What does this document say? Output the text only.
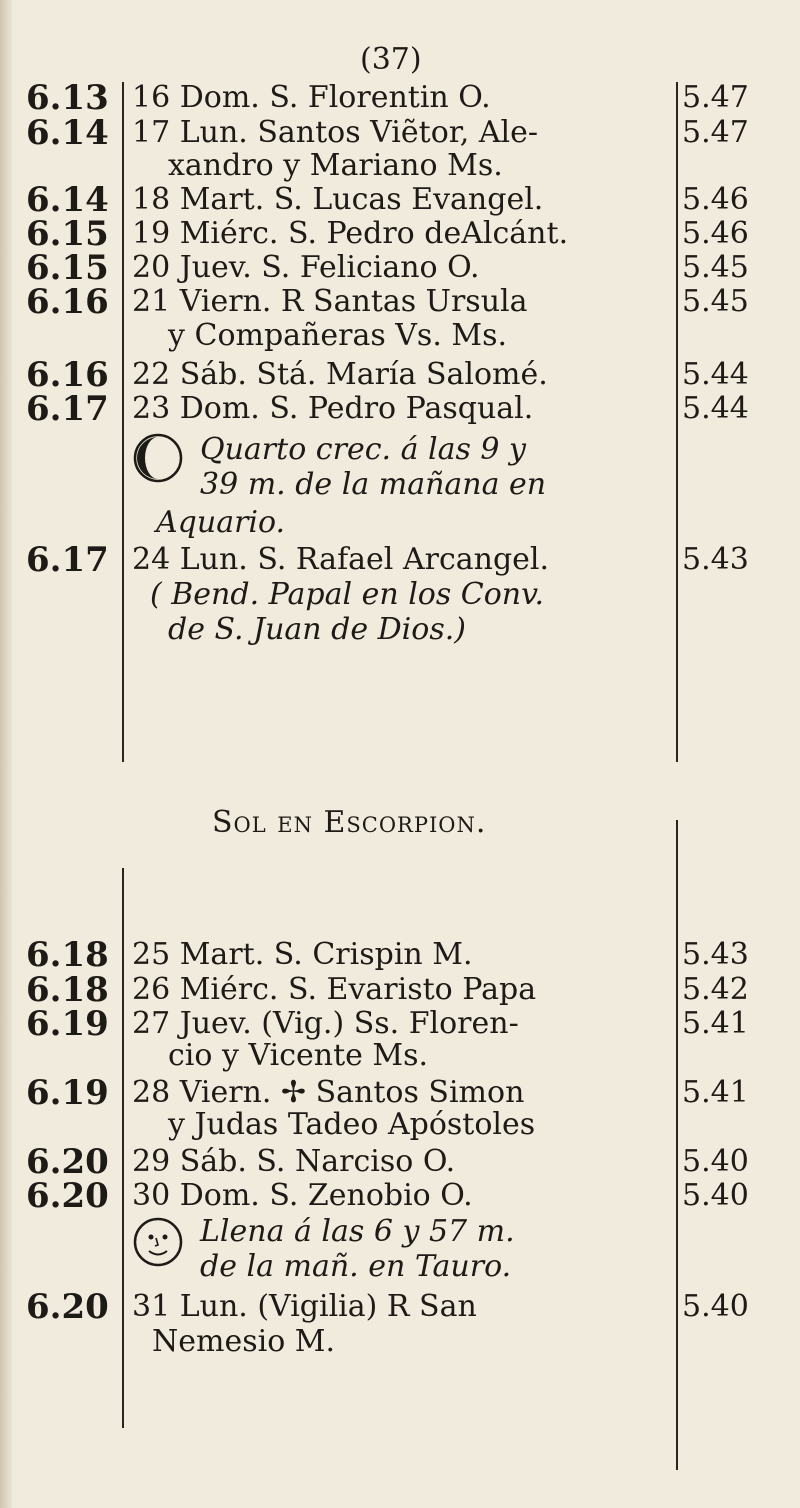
(37)
6.13 16 Dom. S. Florentin O.	5.47
6.14 17 Lun. Santos Viẽtor, Ale-	5.47
xandro y Mariano Ms.
6.14 18 Mart. S. Lucas Evangel.	5.46
6.15 19 Miérc. S. Pedro deAlcánt.	5.46
6.15 20 Juev. S. Feliciano O.	5.45
6.16 21 Viern. R Santas Ursula	5.45
y Compañeras Vs. Ms.
6.16 22 Sáb. Stá. María Salomé.	5.44
6.17 23 Dom. S. Pedro Pasqual.	5.44
Quarto crec. á las 9 y
39 m. de la mañana en
Aquario.
6.17 24 Lun. S. Rafael Arcangel.	5.43
( Bend. Papal en los Conv.
de S. Juan de Dios.)
Sol en Escorpion.
6.18 25 Mart. S. Crispin M.	5.43
6.18 26 Miérc. S. Evaristo Papa	5.42
6.19 27 Juev. (Vig.) Ss. Floren-	5.41
cio y Vicente Ms.
6.19 28 Viern. ✢ Santos Simon	5.41
y Judas Tadeo Apóstoles
6.20 29 Sáb. S. Narciso O.	5.40
6.20 30 Dom. S. Zenobio O.	5.40
Llena á las 6 y 57 m.
de la mañ. en Tauro.
6.20 31 Lun. (Vigilia) R San	5.40
Nemesio M.
